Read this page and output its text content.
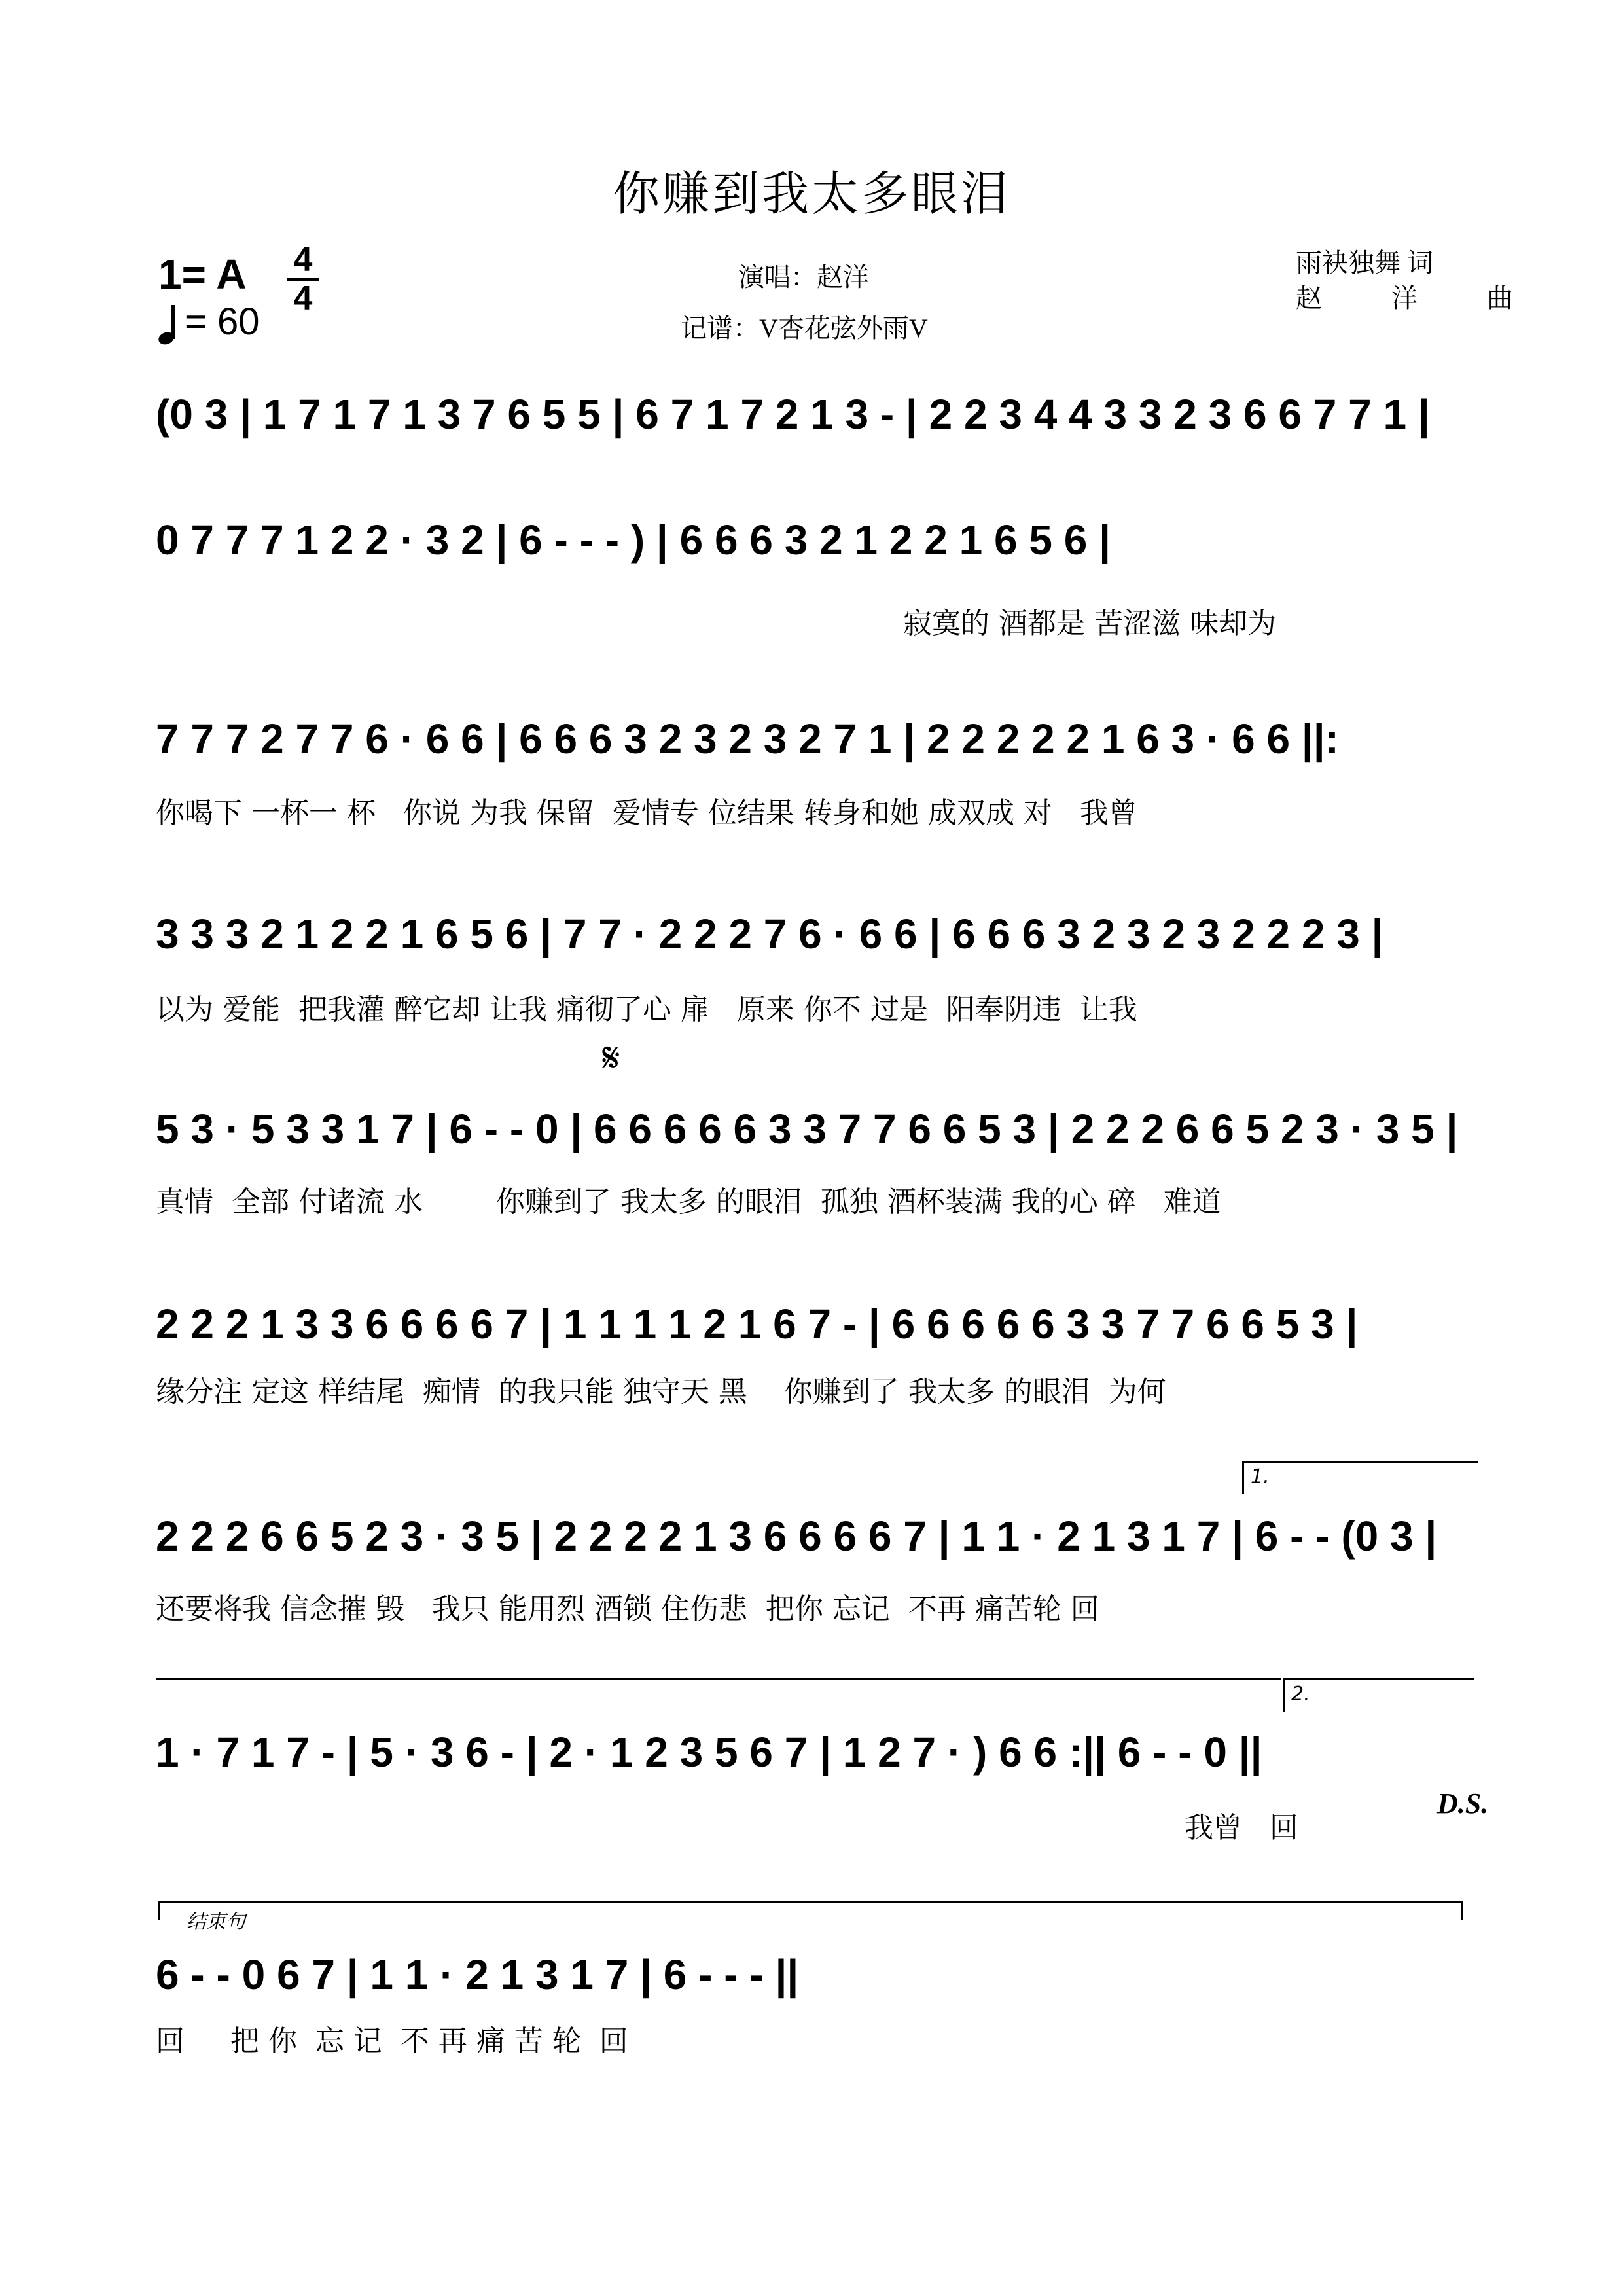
你赚到我太多眼泪
1= A 4
4
= 60
演唱：赵洋
记谱：V杏花弦外雨V
雨袂独舞 词
赵 洋 曲
(0 3 | 1 7 1 7 1 3 7 6 5 5 | 6 7 1 7 2 1 3 - | 2 2 3 4 4 3 3 2 3 6 6 7 7 1 |
0 7 7 7 1 2 2 · 3 2 | 6 - - - ) | 6 6 6 3 2 1 2 2 1 6 5 6 |
寂寞的 酒都是 苦涩滋 味却为
7 7 7 2 7 7 6 · 6 6 | 6 6 6 3 2 3 2 3 2 7 1 | 2 2 2 2 2 1 6 3 · 6 6 ||:
你喝下 一杯一 杯   你说 为我 保留  爱情专 位结果 转身和她 成双成 对   我曾
3 3 3 2 1 2 2 1 6 5 6 | 7 7 · 2 2 2 7 6 · 6 6 | 6 6 6 3 2 3 2 3 2 2 2 3 |
以为 爱能  把我灌 醉它却 让我 痛彻了心 扉   原来 你不 过是  阳奉阴违  让我
𝄋
5 3 · 5 3 3 1 7 | 6 - - 0 | 6 6 6 6 6 3 3 7 7 6 6 5 3 | 2 2 2 6 6 5 2 3 · 3 5 |
真情  全部 付诸流 水        你赚到了 我太多 的眼泪  孤独 酒杯装满 我的心 碎   难道
2 2 2 1 3 3 6 6 6 6 7 | 1 1 1 1 2 1 6 7 - | 6 6 6 6 6 3 3 7 7 6 6 5 3 |
缘分注 定这 样结尾  痴情  的我只能 独守天 黑    你赚到了 我太多 的眼泪  为何
1.
2 2 2 6 6 5 2 3 · 3 5 | 2 2 2 2 1 3 6 6 6 6 7 | 1 1 · 2 1 3 1 7 | 6 - - (0 3 |
还要将我 信念摧 毁   我只 能用烈 酒锁 住伤悲  把你 忘记  不再 痛苦轮 回
2.
1 · 7 1 7 - | 5 · 3 6 - | 2 · 1 2 3 5 6 7 | 1 2 7 · ) 6 6 :|| 6 - - 0 ||
我曾   回
D.S.
结束句
6 - - 0 6 7 | 1 1 · 2 1 3 1 7 | 6 - - - ||
回     把 你  忘 记  不 再 痛 苦 轮  回
